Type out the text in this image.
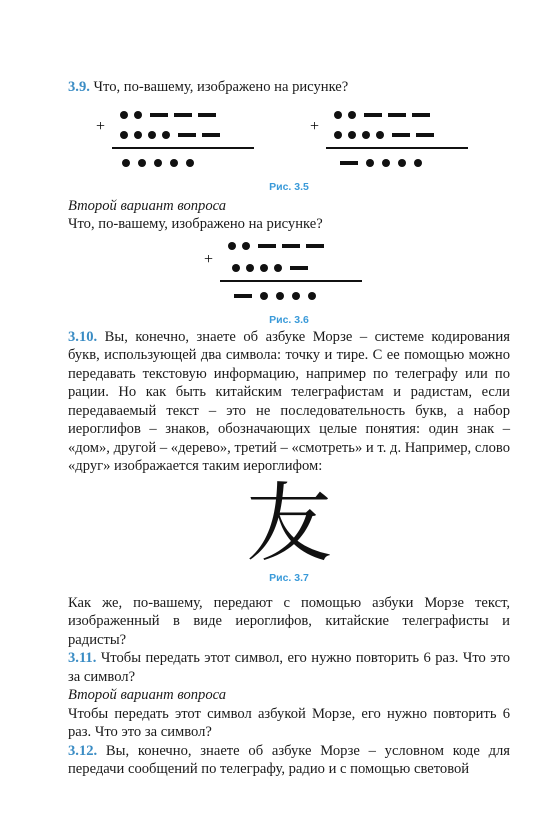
3.9. Что, по-вашему, изображено на рисунке?

+	+
Рис. 3.5

Второй вариант вопроса

Что, по-вашему, изображено на рисунке?

+
Рис. 3.6

3.10. Вы, конечно, знаете об азбуке Морзе – системе кодирования букв, использующей два символа: точку и тире. С ее помощью можно передавать текстовую информацию, например по телеграфу или по рации. Но как быть китайским телеграфистам и радистам, если передаваемый текст – это не последовательность букв, а набор иероглифов – знаков, обозначающих целые понятия: один знак – «дом», другой – «дерево», третий – «смотреть» и т. д. Например, слово «друг» изображается таким иероглифом:

友
Рис. 3.7

Как же, по-вашему, передают с помощью азбуки Морзе текст, изображенный в виде иероглифов, китайские телеграфисты и радисты?

3.11. Чтобы передать этот символ, его нужно повторить 6 раз. Что это за символ?

Второй вариант вопроса

Чтобы передать этот символ азбукой Морзе, его нужно повторить 6 раз. Что это за символ?

3.12. Вы, конечно, знаете об азбуке Морзе – условном коде для передачи сообщений по телеграфу, радио и с помощью световой
